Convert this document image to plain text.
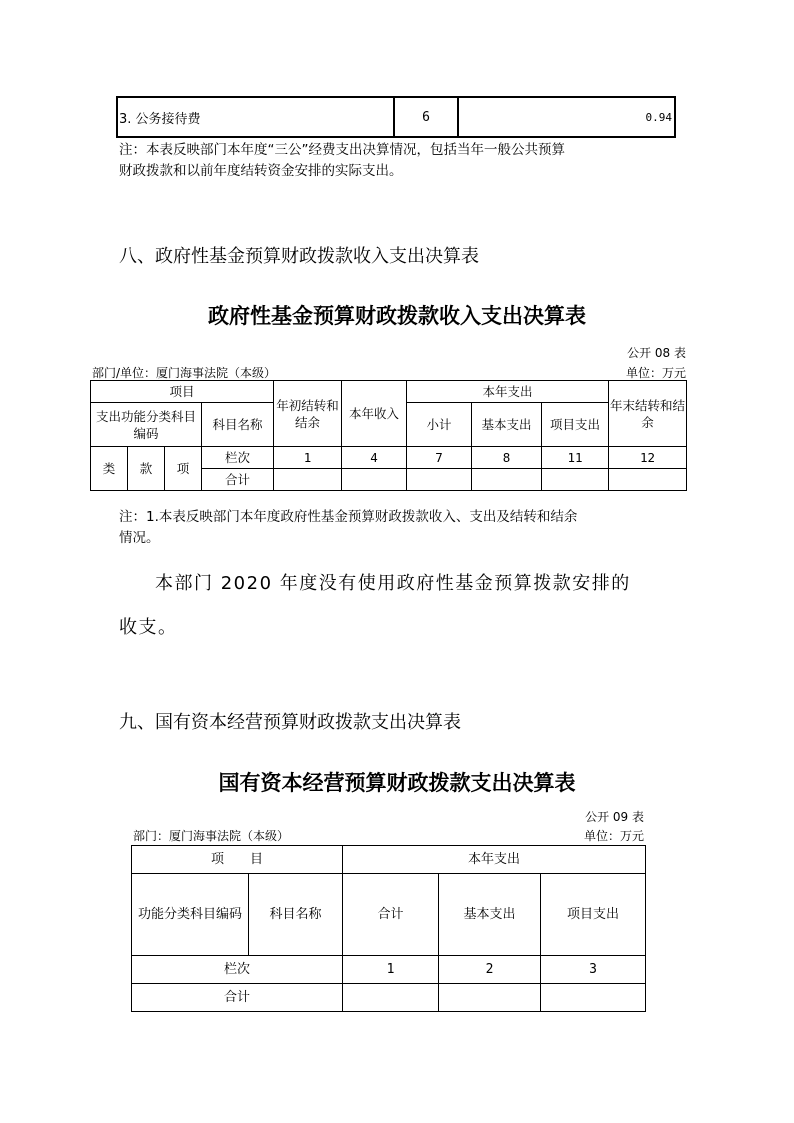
3. 公务接待费	6	0.94
注：本表反映部门本年度“三公”经费支出决算情况，包括当年一般公共预算
财政拨款和以前年度结转资金安排的实际支出。
八、政府性基金预算财政拨款收入支出决算表
政府性基金预算财政拨款收入支出决算表
公开 08 表
部门/单位：厦门海事法院（本级）	单位：万元
项目				年初结转和结余	本年收入	本年支出			年末结转和结余
支出功能分类科目编码			科目名称			小计	基本支出	项目支出	
类	款	项	栏次	1	4	7	8	11	12
			合计						
注：1.本表反映部门本年度政府性基金预算财政拨款收入、支出及结转和结余
情况。
本部门 2020 年度没有使用政府性基金预算拨款安排的
收支。
九、国有资本经营预算财政拨款支出决算表
国有资本经营预算财政拨款支出决算表
公开 09 表
部门：厦门海事法院（本级）	单位：万元
项　　目		本年支出		
功能分类科目编码	科目名称	合计	基本支出	项目支出
栏次		1	2	3
合计				
